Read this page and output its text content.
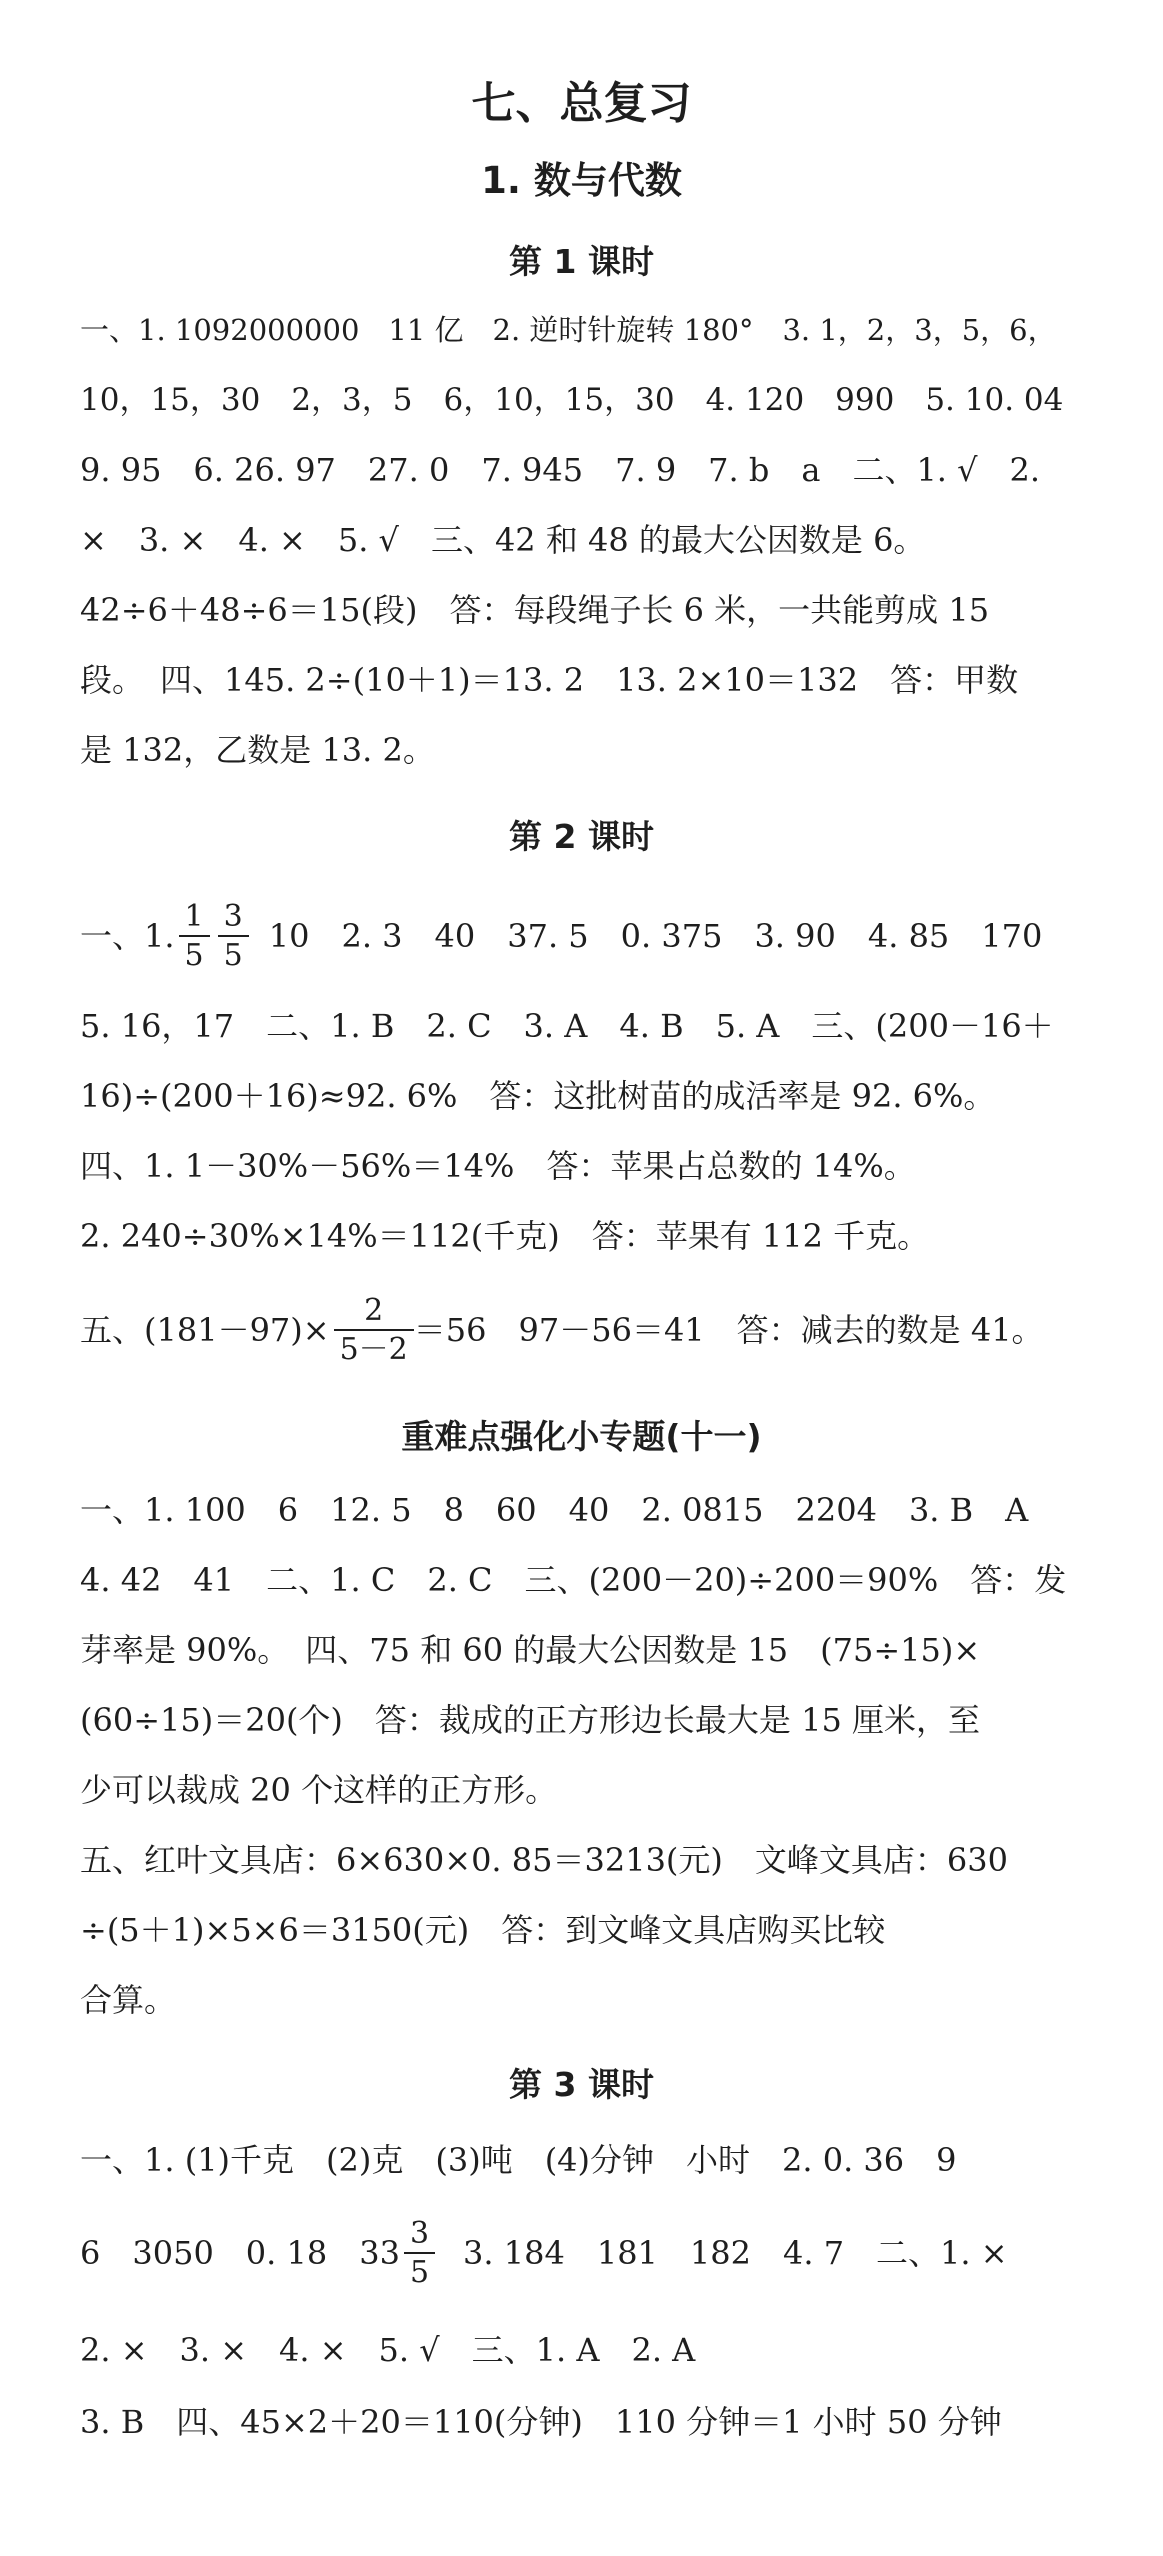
七、总复习
1. 数与代数
第 1 课时
一、1. 1092000000　11 亿　2. 逆时针旋转 180°　3. 1，2，3，5，6，
10，15，30　2，3，5　6，10，15，30　4. 120　990　5. 10. 04
9. 95　6. 26. 97　27. 0　7. 945　7. 9　7. b　a　二、1. √　2.
×　3. ×　4. ×　5. √　三、42 和 48 的最大公因数是 6。
42÷6＋48÷6＝15(段)　答：每段绳子长 6 米，一共能剪成 15
段。　四、145. 2÷(10＋1)＝13. 2　13. 2×10＝132　答：甲数
是 132，乙数是 13. 2。
第 2 课时
一、1. $\frac{1}{5} \frac{3}{5} 10$　2. 3　40　37. 5　0. 375　3. 90　4. 85　170
5. 16，17　二、1. B　2. C　3. A　4. B　5. A　三、(200－16＋
16)÷(200＋16)≈92. 6%　答：这批树苗的成活率是 92. 6%。
四、1. 1－30%－56%＝14%　答：苹果占总数的 14%。
2. 240÷30%×14%＝112(千克)　答：苹果有 112 千克。
五、$(181-97)\times \frac{2}{5-2} =56$　97－56＝41　答：减去的数是 41。
重难点强化小专题(十一)
一、1. 100　6　12. 5　8　60　40　2. 0815　2204　3. B　A
4. 42　41　二、1. C　2. C　三、(200－20)÷200＝90%　答：发
芽率是 90%。　四、75 和 60 的最大公因数是 15　(75÷15)×
(60÷15)＝20(个)　答：裁成的正方形边长最大是 15 厘米，至
少可以裁成 20 个这样的正方形。
五、红叶文具店：6×630×0. 85＝3213(元)　文峰文具店：630
÷(5＋1)×5×6＝3150(元)　答：到文峰文具店购买比较
合算。
第 3 课时
一、1. (1)千克　(2)克　(3)吨　(4)分钟　小时　2. 0. 36　9
6　3050　0. 18　$33 \frac{3}{5} 3$. 184　181　182　4. 7　二、1. ×
2. ×　3. ×　4. ×　5. √　三、1. A　2. A
3. B　四、45×2＋20＝110(分钟)　110 分钟＝1 小时 50 分钟
